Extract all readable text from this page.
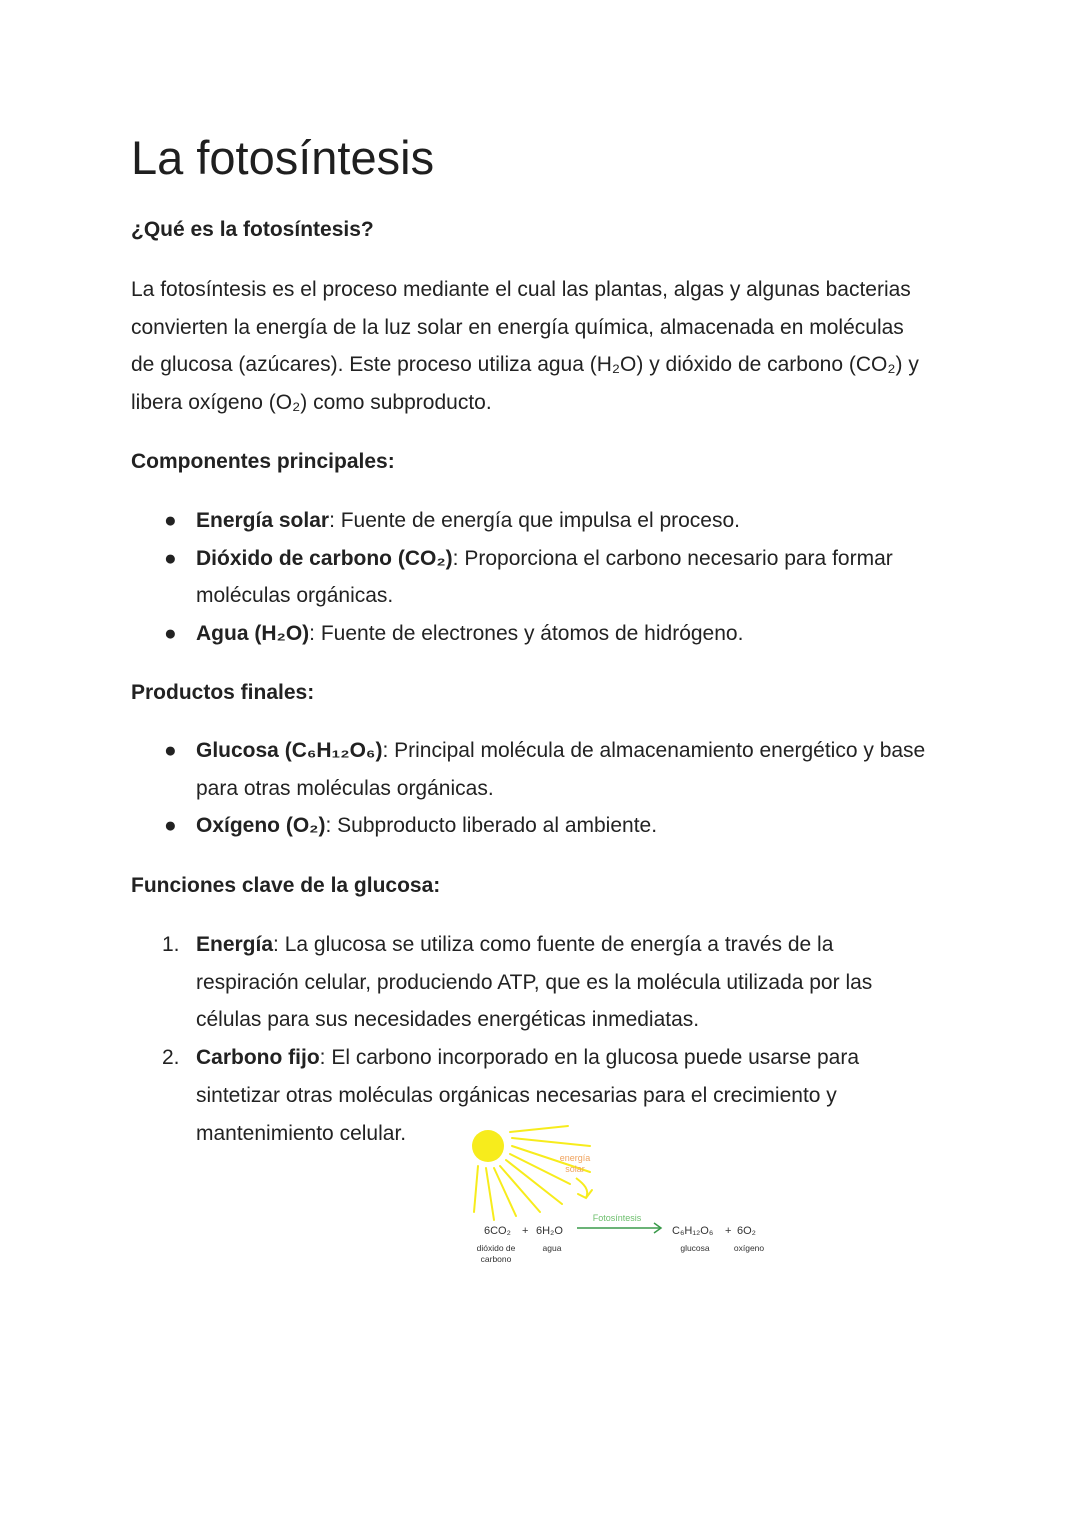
La fotosíntesis
¿Qué es la fotosíntesis?
La fotosíntesis es el proceso mediante el cual las plantas, algas y algunas bacterias
convierten la energía de la luz solar en energía química, almacenada en moléculas
de glucosa (azúcares). Este proceso utiliza agua (H₂O) y dióxido de carbono (CO₂) y
libera oxígeno (O₂) como subproducto.
Componentes principales:
● Energía solar: Fuente de energía que impulsa el proceso.
● Dióxido de carbono (CO₂): Proporciona el carbono necesario para formar
moléculas orgánicas.
● Agua (H₂O): Fuente de electrones y átomos de hidrógeno.
Productos finales:
● Glucosa (C₆H₁₂O₆): Principal molécula de almacenamiento energético y base
para otras moléculas orgánicas.
● Oxígeno (O₂): Subproducto liberado al ambiente.
Funciones clave de la glucosa:
1. Energía: La glucosa se utiliza como fuente de energía a través de la
respiración celular, produciendo ATP, que es la molécula utilizada por las
células para sus necesidades energéticas inmediatas.
2. Carbono fijo: El carbono incorporado en la glucosa puede usarse para
sintetizar otras moléculas orgánicas necesarias para el crecimiento y
mantenimiento celular.
energía
solar
Fotosíntesis
6CO₂ + 6H₂O	C₆H₁₂O₆ + 6O₂
dióxido de
carbono
agua	glucosa	oxígeno
